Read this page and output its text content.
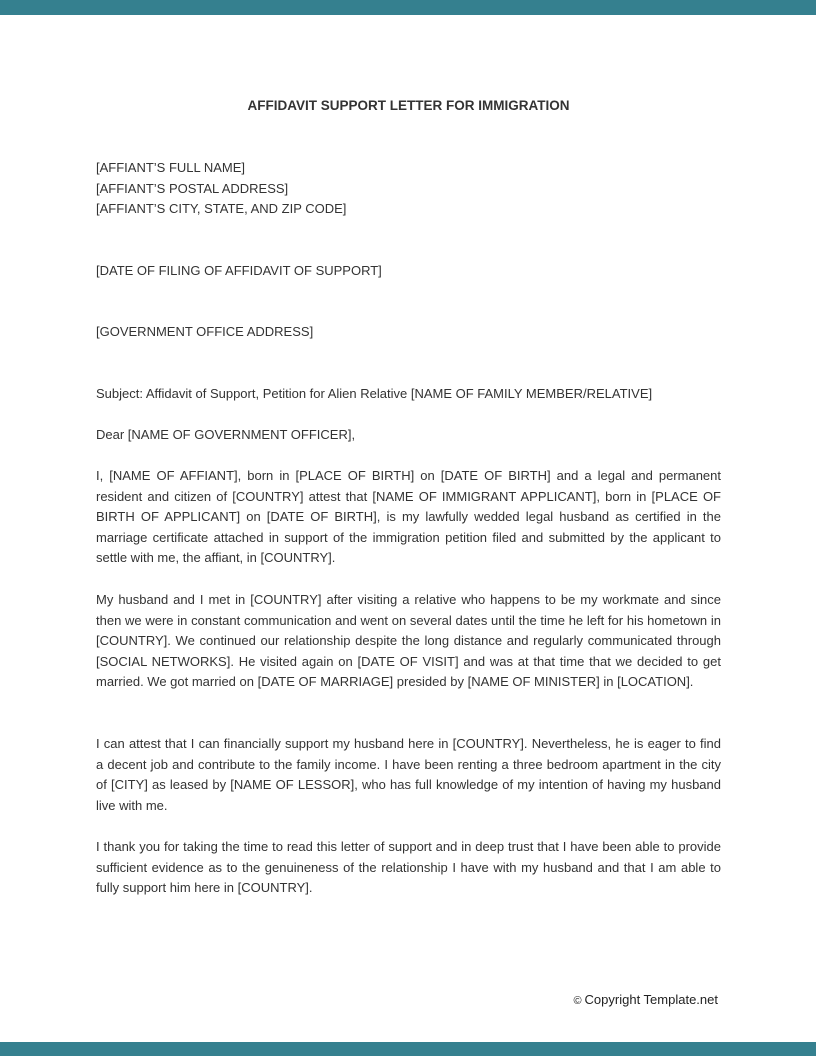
AFFIDAVIT SUPPORT LETTER FOR IMMIGRATION
[AFFIANT’S FULL NAME]
[AFFIANT’S POSTAL ADDRESS]
[AFFIANT’S CITY, STATE, AND ZIP CODE]
[DATE OF FILING OF AFFIDAVIT OF SUPPORT]
[GOVERNMENT OFFICE ADDRESS]
Subject: Affidavit of Support, Petition for Alien Relative [NAME OF FAMILY MEMBER/RELATIVE]
Dear [NAME OF GOVERNMENT OFFICER],

I, [NAME OF AFFIANT], born in [PLACE OF BIRTH] on [DATE OF BIRTH] and a legal and permanent resident and citizen of [COUNTRY] attest that [NAME OF IMMIGRANT APPLICANT], born in [PLACE OF BIRTH OF APPLICANT] on [DATE OF BIRTH], is my lawfully wedded legal husband as certified in the marriage certificate attached in support of the immigration petition filed and submitted by the applicant to settle with me, the affiant, in [COUNTRY].

My husband and I met in [COUNTRY] after visiting a relative who happens to be my workmate and since then we were in constant communication and went on several dates until the time he left for his hometown in [COUNTRY]. We continued our relationship despite the long distance and regularly communicated through [SOCIAL NETWORKS]. He visited again on [DATE OF VISIT] and was at that time that we decided to get married. We got married on [DATE OF MARRIAGE] presided by [NAME OF MINISTER] in [LOCATION].

I can attest that I can financially support my husband here in [COUNTRY]. Nevertheless, he is eager to find a decent job and contribute to the family income. I have been renting a three bedroom apartment in the city of [CITY] as leased by [NAME OF LESSOR], who has full knowledge of my intention of having my husband live with me.

I thank you for taking the time to read this letter of support and in deep trust that I have been able to provide sufficient evidence as to the genuineness of the relationship I have with my husband and that I am able to fully support him here in [COUNTRY].

© Copyright Template.net
